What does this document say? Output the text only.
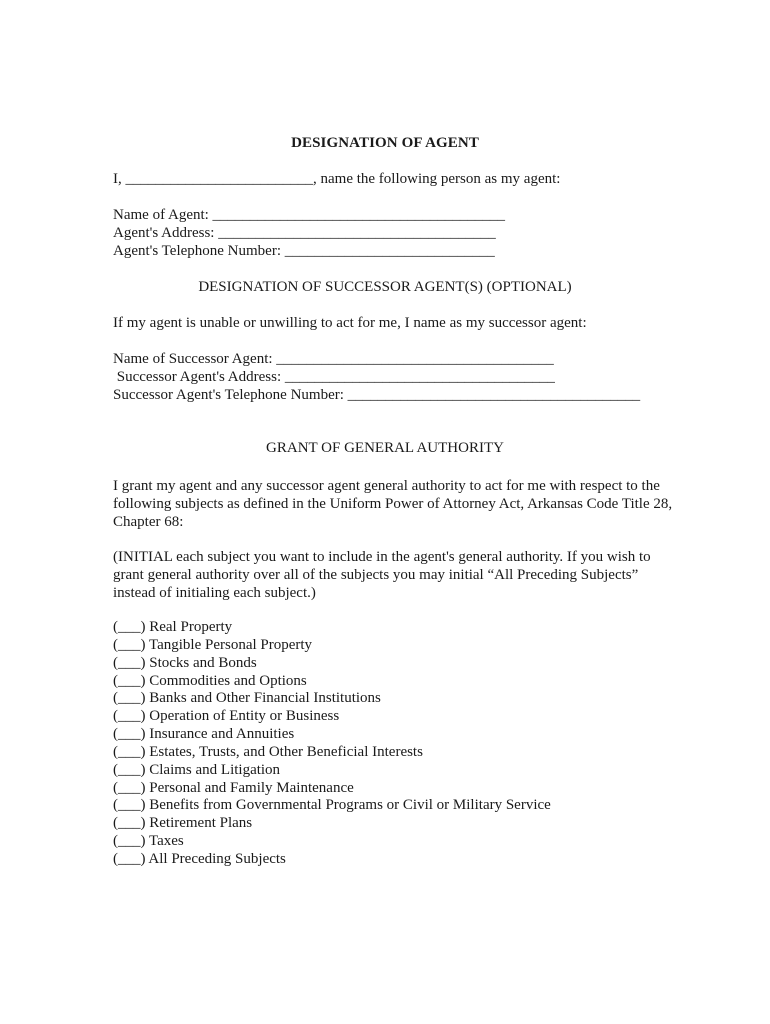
DESIGNATION OF AGENT
I, _________________________, name the following person as my agent:
Name of Agent: _______________________________________
Agent's Address: _____________________________________
Agent's Telephone Number: ____________________________
DESIGNATION OF SUCCESSOR AGENT(S) (OPTIONAL)
If my agent is unable or unwilling to act for me, I name as my successor agent:
Name of Successor Agent: _____________________________________
Successor Agent's Address: ____________________________________
Successor Agent's Telephone Number: _______________________________________
GRANT OF GENERAL AUTHORITY
I grant my agent and any successor agent general authority to act for me with respect to the following subjects as defined in the Uniform Power of Attorney Act, Arkansas Code Title 28, Chapter 68:
(INITIAL each subject you want to include in the agent's general authority. If you wish to grant general authority over all of the subjects you may initial “All Preceding Subjects” instead of initialing each subject.)
(___) Real Property
(___) Tangible Personal Property
(___) Stocks and Bonds
(___) Commodities and Options
(___) Banks and Other Financial Institutions
(___) Operation of Entity or Business
(___) Insurance and Annuities
(___) Estates, Trusts, and Other Beneficial Interests
(___) Claims and Litigation
(___) Personal and Family Maintenance
(___) Benefits from Governmental Programs or Civil or Military Service
(___) Retirement Plans
(___) Taxes
(___) All Preceding Subjects
